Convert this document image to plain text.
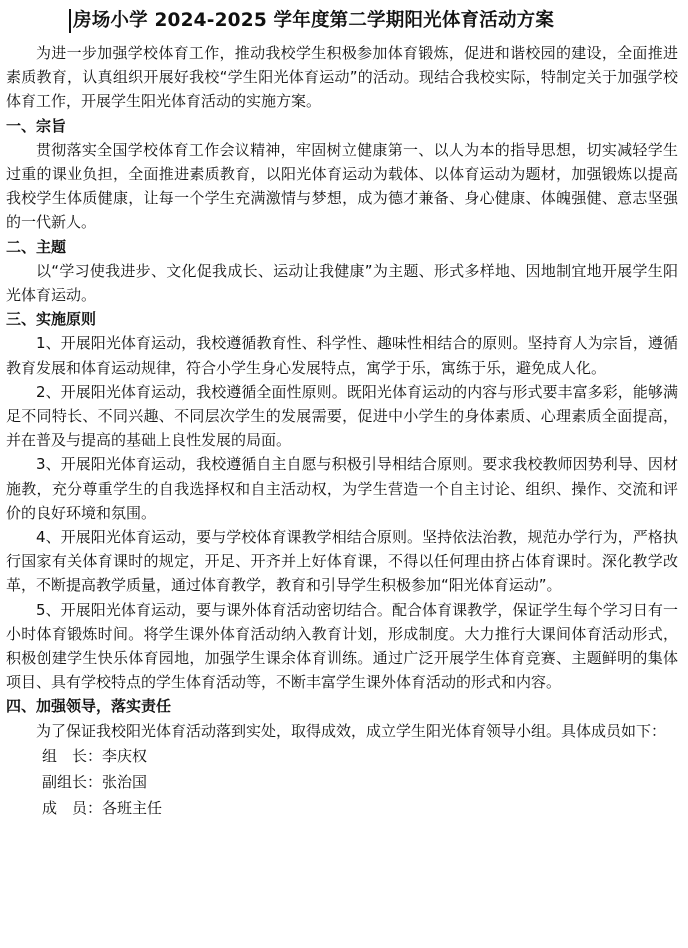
房场小学 2024-2025 学年度第二学期阳光体育活动方案

为进一步加强学校体育工作，推动我校学生积极参加体育锻炼，促进和谐校园的建设，全面推进素质教育，认真组织开展好我校“学生阳光体育运动”的活动。现结合我校实际，特制定关于加强学校体育工作，开展学生阳光体育活动的实施方案。

一、宗旨

贯彻落实全国学校体育工作会议精神，牢固树立健康第一、以人为本的指导思想，切实减轻学生过重的课业负担，全面推进素质教育，以阳光体育运动为载体、以体育运动为题材，加强锻炼以提高我校学生体质健康，让每一个学生充满激情与梦想，成为德才兼备、身心健康、体魄强健、意志坚强的一代新人。

二、主题

以“学习使我进步、文化促我成长、运动让我健康”为主题、形式多样地、因地制宜地开展学生阳光体育运动。

三、实施原则

1、开展阳光体育运动，我校遵循教育性、科学性、趣味性相结合的原则。坚持育人为宗旨，遵循教育发展和体育运动规律，符合小学生身心发展特点，寓学于乐，寓练于乐，避免成人化。

2、开展阳光体育运动，我校遵循全面性原则。既阳光体育运动的内容与形式要丰富多彩，能够满足不同特长、不同兴趣、不同层次学生的发展需要，促进中小学生的身体素质、心理素质全面提高，并在普及与提高的基础上良性发展的局面。

3、开展阳光体育运动，我校遵循自主自愿与积极引导相结合原则。要求我校教师因势利导、因材施教，充分尊重学生的自我选择权和自主活动权，为学生营造一个自主讨论、组织、操作、交流和评价的良好环境和氛围。

4、开展阳光体育运动，要与学校体育课教学相结合原则。坚持依法治教，规范办学行为，严格执行国家有关体育课时的规定，开足、开齐并上好体育课，不得以任何理由挤占体育课时。深化教学改革，不断提高教学质量，通过体育教学，教育和引导学生积极参加“阳光体育运动”。

5、开展阳光体育运动，要与课外体育活动密切结合。配合体育课教学，保证学生每个学习日有一小时体育锻炼时间。将学生课外体育活动纳入教育计划，形成制度。大力推行大课间体育活动形式，积极创建学生快乐体育园地，加强学生课余体育训练。通过广泛开展学生体育竞赛、主题鲜明的集体项目、具有学校特点的学生体育活动等，不断丰富学生课外体育活动的形式和内容。

四、加强领导，落实责任

为了保证我校阳光体育活动落到实处，取得成效，成立学生阳光体育领导小组。具体成员如下：

组　长：李庆权

副组长：张治国

成　员：各班主任
